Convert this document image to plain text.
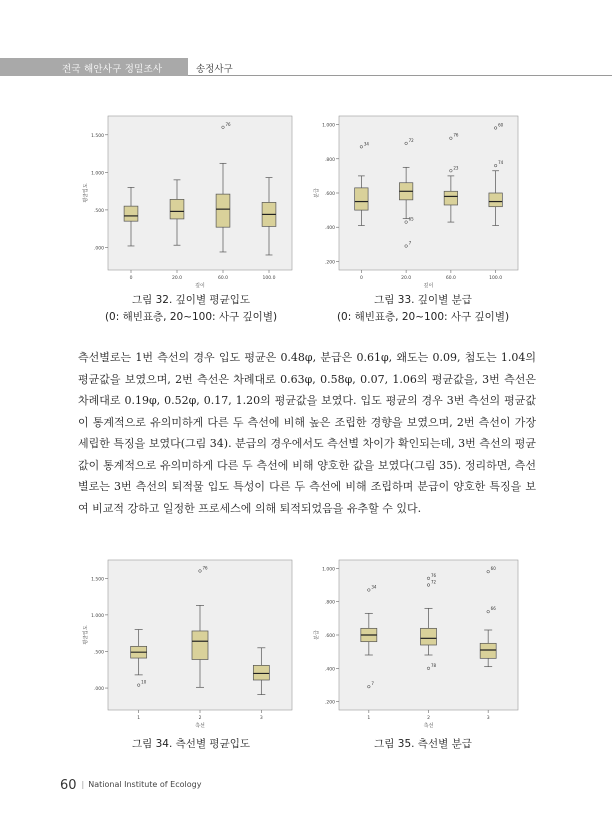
전국 해안사구 정밀조사	송정사구
.000
.500
1.000
1.500
평균입도
0	20.0	60.0	100.0
깊이
76
.200
.400
.600
.800
1.000
분급
0	20.0	60.0	100.0
깊이
34
72
65
7
76
23
60
74
그림 32. 깊이별 평균입도
(0: 해빈표층, 20~100: 사구 깊이별)
그림 33. 깊이별 분급
(0: 해빈표층, 20~100: 사구 깊이별)

측선별로는 1번 측선의 경우 입도 평균은 0.48φ, 분급은 0.61φ, 왜도는 0.09, 첨도는 1.04의 평균값을 보였으며, 2번 측선은 차례대로 0.63φ, 0.58φ, 0.07, 1.06의 평균값을, 3번 측선은 차례대로 0.19φ, 0.52φ, 0.17, 1.20의 평균값을 보였다. 입도 평균의 경우 3번 측선의 평균값이 통계적으로 유의미하게 다른 두 측선에 비해 높은 조립한 경향을 보였으며, 2번 측선이 가장 세립한 특징을 보였다(그림 34). 분급의 경우에서도 측선별 차이가 확인되는데, 3번 측선의 평균값이 통계적으로 유의미하게 다른 두 측선에 비해 양호한 값을 보였다(그림 35). 정리하면, 측선별로는 3번 측선의 퇴적물 입도 특성이 다른 두 측선에 비해 조립하며 분급이 양호한 특징을 보여 비교적 강하고 일정한 프로세스에 의해 퇴적되었음을 유추할 수 있다.

.000
.500
1.000
1.500
평균입도
1	2	3
측선
76
10
.200
.400
.600
.800
1.000
분급
1	2	3
측선
34
7
76
72
78
60
66
그림 34. 측선별 평균입도	그림 35. 측선별 분급
60 | National Institute of Ecology
